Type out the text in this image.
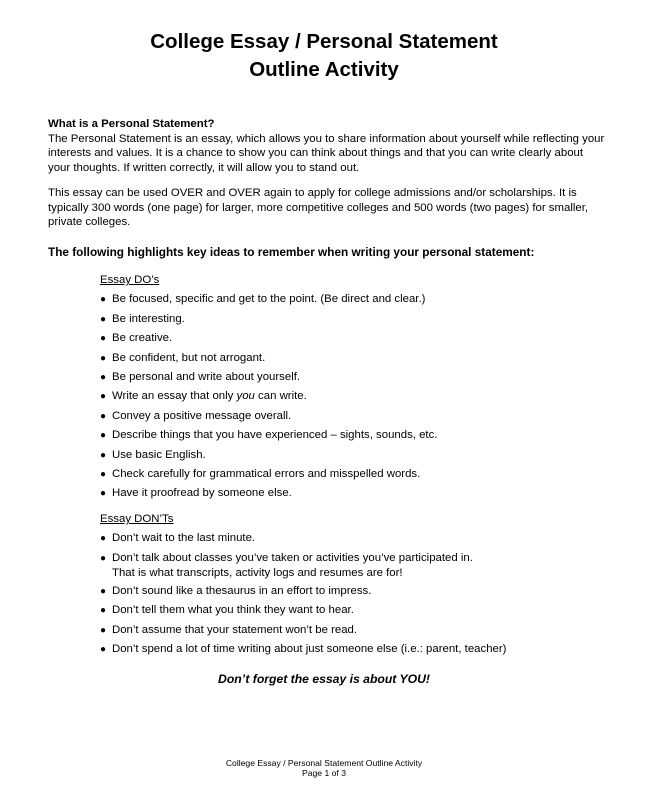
College Essay / Personal Statement
Outline Activity
What is a Personal Statement?
The Personal Statement is an essay, which allows you to share information about yourself while reflecting your interests and values. It is a chance to show you can think about things and that you can write clearly about your thoughts. If written correctly, it will allow you to stand out.
This essay can be used OVER and OVER again to apply for college admissions and/or scholarships. It is typically 300 words (one page) for larger, more competitive colleges and 500 words (two pages) for smaller, private colleges.
The following highlights key ideas to remember when writing your personal statement:
Essay DO’s
● Be focused, specific and get to the point. (Be direct and clear.)
● Be interesting.
● Be creative.
● Be confident, but not arrogant.
● Be personal and write about yourself.
● Write an essay that only you can write.
● Convey a positive message overall.
● Describe things that you have experienced – sights, sounds, etc.
● Use basic English.
● Check carefully for grammatical errors and misspelled words.
● Have it proofread by someone else.
Essay DON’Ts
● Don’t wait to the last minute.
● Don’t talk about classes you’ve taken or activities you’ve participated in.
That is what transcripts, activity logs and resumes are for!
● Don’t sound like a thesaurus in an effort to impress.
● Don’t tell them what you think they want to hear.
● Don’t assume that your statement won’t be read.
● Don’t spend a lot of time writing about just someone else (i.e.: parent, teacher)
Don’t forget the essay is about YOU!
College Essay / Personal Statement Outline Activity
Page 1 of 3
